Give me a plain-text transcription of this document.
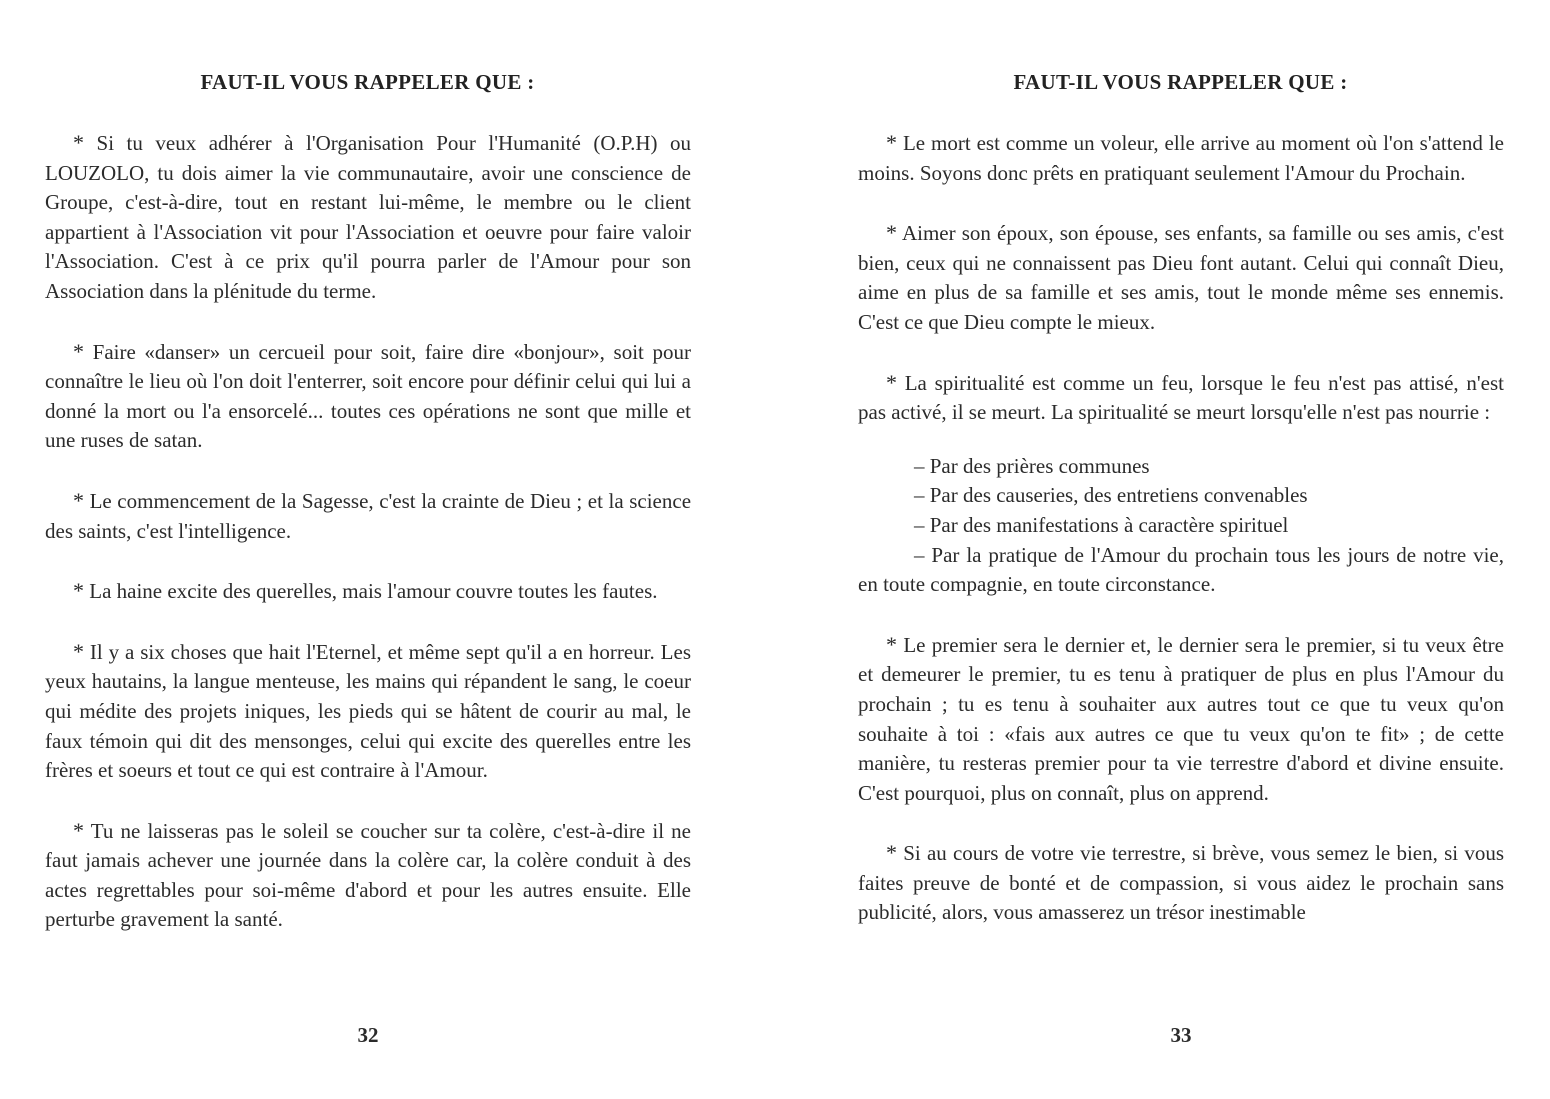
FAUT-IL VOUS RAPPELER QUE :

* Si tu veux adhérer à l'Organisation Pour l'Humanité (O.P.H) ou LOUZOLO, tu dois aimer la vie communautaire, avoir une conscience de Groupe, c'est-à-dire, tout en restant lui-même, le membre ou le client appartient à l'Association vit pour l'Association et oeuvre pour faire valoir l'Association. C'est à ce prix qu'il pourra parler de l'Amour pour son Association dans la plénitude du terme.

* Faire «danser» un cercueil pour soit, faire dire «bonjour», soit pour connaître le lieu où l'on doit l'enterrer, soit encore pour définir celui qui lui a donné la mort ou l'a ensorcelé... toutes ces opérations ne sont que mille et une ruses de satan.

* Le commencement de la Sagesse, c'est la crainte de Dieu ; et la science des saints, c'est l'intelligence.

* La haine excite des querelles, mais l'amour couvre toutes les fautes.

* Il y a six choses que hait l'Eternel, et même sept qu'il a en horreur. Les yeux hautains, la langue menteuse, les mains qui répandent le sang, le coeur qui médite des projets iniques, les pieds qui se hâtent de courir au mal, le faux témoin qui dit des mensonges, celui qui excite des querelles entre les frères et soeurs et tout ce qui est contraire à l'Amour.

* Tu ne laisseras pas le soleil se coucher sur ta colère, c'est-à-dire il ne faut jamais achever une journée dans la colère car, la colère conduit à des actes regrettables pour soi-même d'abord et pour les autres ensuite. Elle perturbe gravement la santé.

32

FAUT-IL VOUS RAPPELER QUE :

* Le mort est comme un voleur, elle arrive au moment où l'on s'attend le moins. Soyons donc prêts en pratiquant seulement l'Amour du Prochain.

* Aimer son époux, son épouse, ses enfants, sa famille ou ses amis, c'est bien, ceux qui ne connaissent pas Dieu font autant. Celui qui connaît Dieu, aime en plus de sa famille et ses amis, tout le monde même ses ennemis. C'est ce que Dieu compte le mieux.

* La spiritualité est comme un feu, lorsque le feu n'est pas attisé, n'est pas activé, il se meurt. La spiritualité se meurt lorsqu'elle n'est pas nourrie :

– Par des prières communes
– Par des causeries, des entretiens convenables
– Par des manifestations à caractère spirituel
– Par la pratique de l'Amour du prochain tous les jours de notre vie, en toute compagnie, en toute circonstance.

* Le premier sera le dernier et, le dernier sera le premier, si tu veux être et demeurer le premier, tu es tenu à pratiquer de plus en plus l'Amour du prochain ; tu es tenu à souhaiter aux autres tout ce que tu veux qu'on souhaite à toi : «fais aux autres ce que tu veux qu'on te fit» ; de cette manière, tu resteras premier pour ta vie terrestre d'abord et divine ensuite. C'est pourquoi, plus on connaît, plus on apprend.

* Si au cours de votre vie terrestre, si brève, vous semez le bien, si vous faites preuve de bonté et de compassion, si vous aidez le prochain sans publicité, alors, vous amasserez un trésor inestimable

33
